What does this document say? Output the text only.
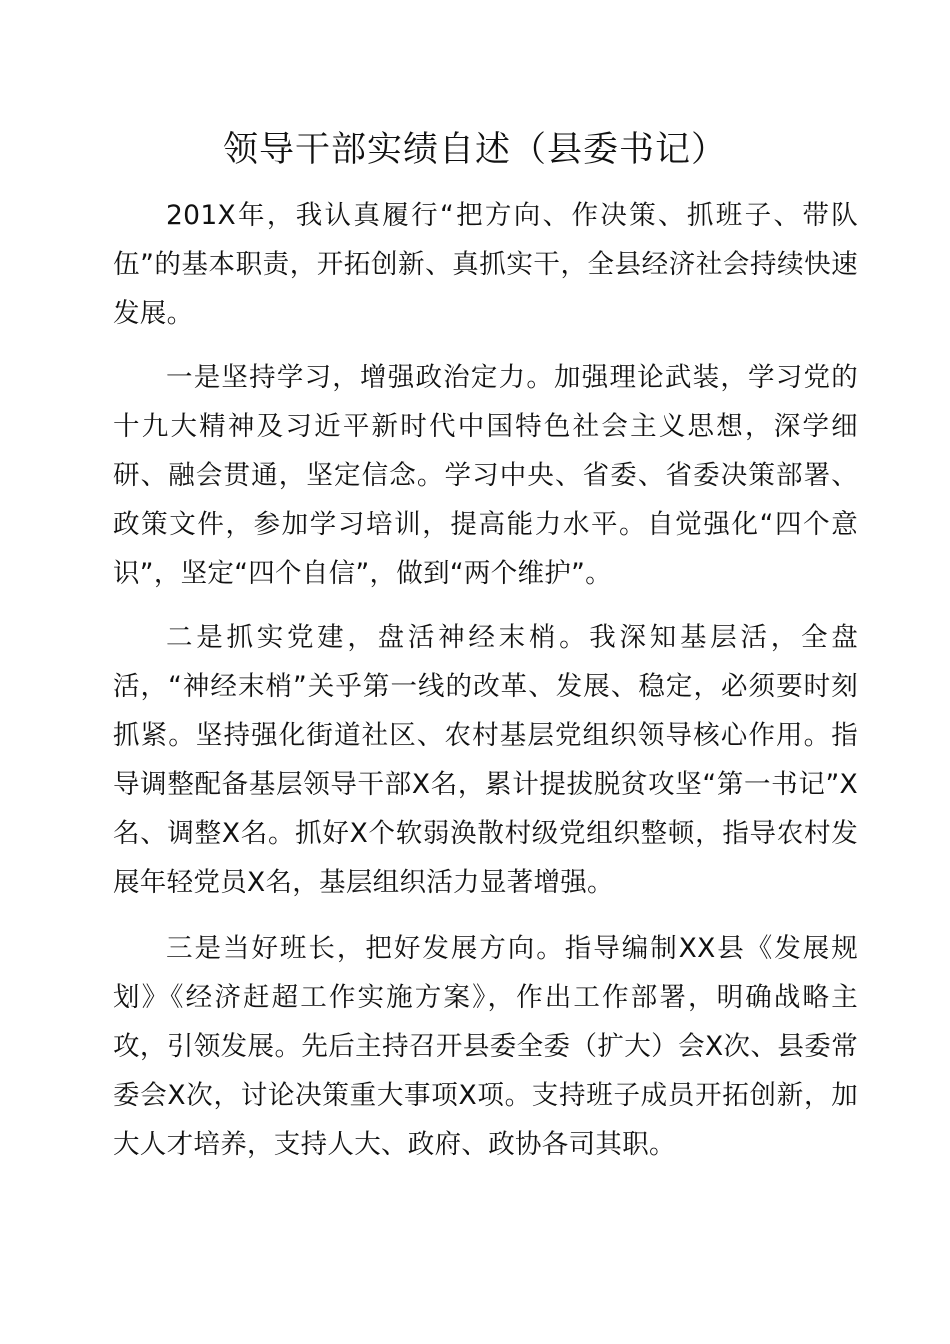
领导干部实绩自述（县委书记）

201X年，我认真履行“把方向、作决策、抓班子、带队伍”的基本职责，开拓创新、真抓实干，全县经济社会持续快速发展。

一是坚持学习，增强政治定力。加强理论武装，学习党的十九大精神及习近平新时代中国特色社会主义思想，深学细研、融会贯通，坚定信念。学习中央、省委、省委决策部署、政策文件，参加学习培训，提高能力水平。自觉强化“四个意识”，坚定“四个自信”，做到“两个维护”。

二是抓实党建，盘活神经末梢。我深知基层活，全盘活，“神经末梢”关乎第一线的改革、发展、稳定，必须要时刻抓紧。坚持强化街道社区、农村基层党组织领导核心作用。指导调整配备基层领导干部X名，累计提拔脱贫攻坚“第一书记”X名、调整X名。抓好X个软弱涣散村级党组织整顿，指导农村发展年轻党员X名，基层组织活力显著增强。

三是当好班长，把好发展方向。指导编制XX县《发展规划》《经济赶超工作实施方案》，作出工作部署，明确战略主攻，引领发展。先后主持召开县委全委（扩大）会X次、县委常委会X次，讨论决策重大事项X项。支持班子成员开拓创新，加大人才培养，支持人大、政府、政协各司其职。
